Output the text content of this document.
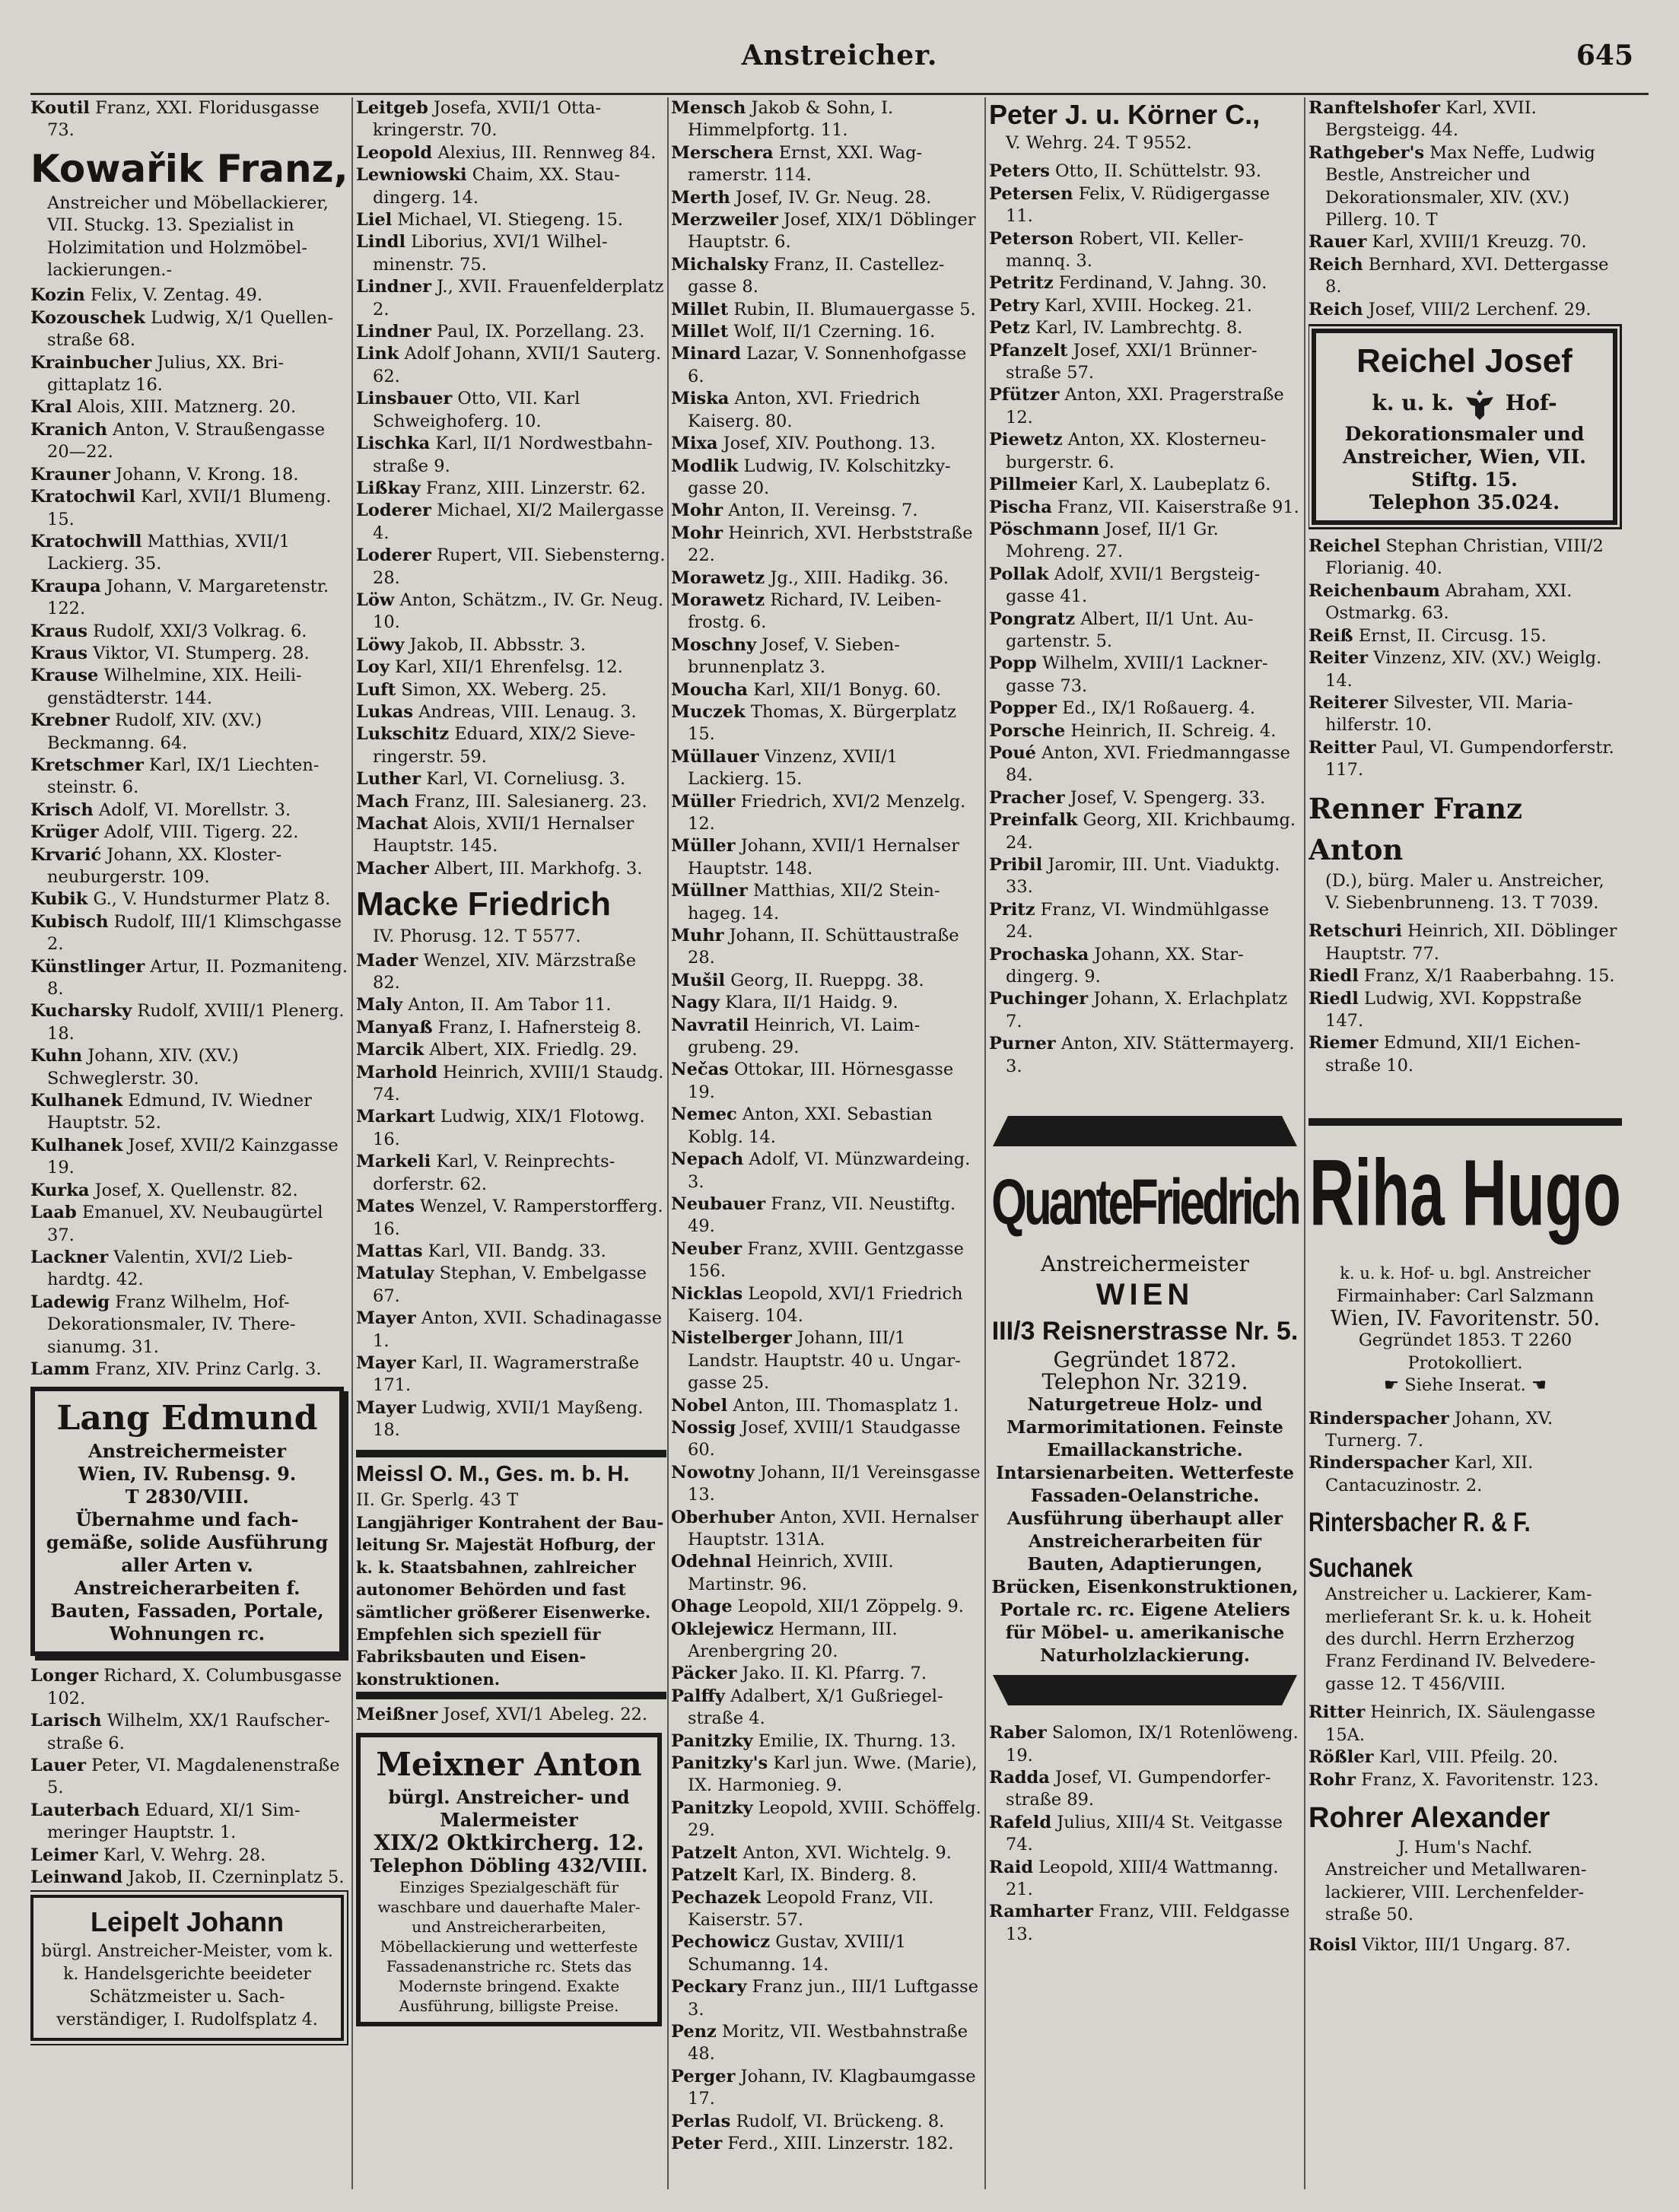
Anstreicher.	645

Koutil Franz, XXI. Floridusgasse 73.

Kowařik Franz,
Anstreicher und Möbellackierer, VII. Stuckg. 13. Spezialist in Holzimitation und Holzmöbellackierungen.-

Kozin Felix, V. Zentag. 49.

Kozouschek Ludwig, X/1 Quellenstraße 68.

Krainbucher Julius, XX. Brigittaplatz 16.

Kral Alois, XIII. Matznerg. 20.

Kranich Anton, V. Straußengasse 20—22.

Krauner Johann, V. Krong. 18.

Kratochwil Karl, XVII/1 Blumeng. 15.

Kratochwill Matthias, XVII/1 Lackierg. 35.

Kraupa Johann, V. Margaretenstr. 122.

Kraus Rudolf, XXI/3 Volkrag. 6.

Kraus Viktor, VI. Stumperg. 28.

Krause Wilhelmine, XIX. Heiligenstädterstr. 144.

Krebner Rudolf, XIV. (XV.) Beckmanng. 64.

Kretschmer Karl, IX/1 Liechtensteinstr. 6.

Krisch Adolf, VI. Morellstr. 3.

Krüger Adolf, VIII. Tigerg. 22.

Krvarić Johann, XX. Klosterneuburgerstr. 109.

Kubik G., V. Hundsturmer Platz 8.

Kubisch Rudolf, III/1 Klimschgasse 2.

Künstlinger Artur, II. Pozmaniteng. 8.

Kucharsky Rudolf, XVIII/1 Plenerg. 18.

Kuhn Johann, XIV. (XV.) Schweglerstr. 30.

Kulhanek Edmund, IV. Wiedner Hauptstr. 52.

Kulhanek Josef, XVII/2 Kainzgasse 19.

Kurka Josef, X. Quellenstr. 82.

Laab Emanuel, XV. Neubaugürtel 37.

Lackner Valentin, XVI/2 Liebhardtg. 42.

Ladewig Franz Wilhelm, Hof-Dekorationsmaler, IV. Theresianumg. 31.

Lamm Franz, XIV. Prinz Carlg. 3.

Lang Edmund
Anstreichermeister
Wien, IV. Rubensg. 9.
T 2830/VIII.
Übernahme und fachgemäße, solide Ausführung aller Arten v. Anstreicherarbeiten f. Bauten, Fassaden, Portale, Wohnungen rc.

Longer Richard, X. Columbusgasse 102.

Larisch Wilhelm, XX/1 Raufscherstraße 6.

Lauer Peter, VI. Magdalenenstraße 5.

Lauterbach Eduard, XI/1 Simmeringer Hauptstr. 1.

Leimer Karl, V. Wehrg. 28.

Leinwand Jakob, II. Czerninplatz 5.

Leipelt Johann
bürgl. Anstreicher-Meister, vom k. k. Handelsgerichte beeideter Schätzmeister u. Sachverständiger, I. Rudolfsplatz 4.

Leitgeb Josefa, XVII/1 Ottakringerstr. 70.

Leopold Alexius, III. Rennweg 84.

Lewniowski Chaim, XX. Staudingerg. 14.

Liel Michael, VI. Stiegeng. 15.

Lindl Liborius, XVI/1 Wilhelminenstr. 75.

Lindner J., XVII. Frauenfelderplatz 2.

Lindner Paul, IX. Porzellang. 23.

Link Adolf Johann, XVII/1 Sauterg. 62.

Linsbauer Otto, VII. Karl Schweighoferg. 10.

Lischka Karl, II/1 Nordwestbahnstraße 9.

Lißkay Franz, XIII. Linzerstr. 62.

Loderer Michael, XI/2 Mailergasse 4.

Loderer Rupert, VII. Siebensterng. 28.

Löw Anton, Schätzm., IV. Gr. Neug. 10.

Löwy Jakob, II. Abbsstr. 3.

Loy Karl, XII/1 Ehrenfelsg. 12.

Luft Simon, XX. Weberg. 25.

Lukas Andreas, VIII. Lenaug. 3.

Lukschitz Eduard, XIX/2 Sieveringerstr. 59.

Luther Karl, VI. Corneliusg. 3.

Mach Franz, III. Salesianerg. 23.

Machat Alois, XVII/1 Hernalser Hauptstr. 145.

Macher Albert, III. Markhofg. 3.

Macke Friedrich
IV. Phorusg. 12. T 5577.

Mader Wenzel, XIV. Märzstraße 82.

Maly Anton, II. Am Tabor 11.

Manyaß Franz, I. Hafnersteig 8.

Marcik Albert, XIX. Friedlg. 29.

Marhold Heinrich, XVIII/1 Staudg. 74.

Markart Ludwig, XIX/1 Flotowg. 16.

Markeli Karl, V. Reinprechtsdorferstr. 62.

Mates Wenzel, V. Ramperstorfferg. 16.

Mattas Karl, VII. Bandg. 33.

Matulay Stephan, V. Embelgasse 67.

Mayer Anton, XVII. Schadinagasse 1.

Mayer Karl, II. Wagramerstraße 171.

Mayer Ludwig, XVII/1 Mayßeng. 18.

Meissl O. M., Ges. m. b. H.
II. Gr. Sperlg. 43 T
Langjähriger Kontrahent der Bauleitung Sr. Majestät Hofburg, der k. k. Staatsbahnen, zahlreicher autonomer Behörden und fast sämtlicher größerer Eisenwerke. Empfehlen sich speziell für Fabriksbauten und Eisenkonstruktionen.

Meißner Josef, XVI/1 Abeleg. 22.

Meixner Anton
bürgl. Anstreicher- und Malermeister
XIX/2 Oktkircherg. 12.
Telephon Döbling 432/VIII.
Einziges Spezialgeschäft für waschbare und dauerhafte Maler- und Anstreicherarbeiten, Möbellackierung und wetterfeste Fassadenanstriche rc. Stets das Modernste bringend. Exakte Ausführung, billigste Preise.

Mensch Jakob & Sohn, I. Himmelpfortg. 11.

Merschera Ernst, XXI. Wagramerstr. 114.

Merth Josef, IV. Gr. Neug. 28.

Merzweiler Josef, XIX/1 Döblinger Hauptstr. 6.

Michalsky Franz, II. Castellezgasse 8.

Millet Rubin, II. Blumauergasse 5.

Millet Wolf, II/1 Czerning. 16.

Minard Lazar, V. Sonnenhofgasse 6.

Miska Anton, XVI. Friedrich Kaiserg. 80.

Mixa Josef, XIV. Pouthong. 13.

Modlik Ludwig, IV. Kolschitzkygasse 20.

Mohr Anton, II. Vereinsg. 7.

Mohr Heinrich, XVI. Herbststraße 22.

Morawetz Jg., XIII. Hadikg. 36.

Morawetz Richard, IV. Leibenfrostg. 6.

Moschny Josef, V. Siebenbrunnenplatz 3.

Moucha Karl, XII/1 Bonyg. 60.

Muczek Thomas, X. Bürgerplatz 15.

Müllauer Vinzenz, XVII/1 Lackierg. 15.

Müller Friedrich, XVI/2 Menzelg. 12.

Müller Johann, XVII/1 Hernalser Hauptstr. 148.

Müllner Matthias, XII/2 Steinhageg. 14.

Muhr Johann, II. Schüttaustraße 28.

Mušil Georg, II. Rueppg. 38.

Nagy Klara, II/1 Haidg. 9.

Navratil Heinrich, VI. Laimgrubeng. 29.

Nečas Ottokar, III. Hörnesgasse 19.

Nemec Anton, XXI. Sebastian Koblg. 14.

Nepach Adolf, VI. Münzwardeing. 3.

Neubauer Franz, VII. Neustiftg. 49.

Neuber Franz, XVIII. Gentzgasse 156.

Nicklas Leopold, XVI/1 Friedrich Kaiserg. 104.

Nistelberger Johann, III/1 Landstr. Hauptstr. 40 u. Ungargasse 25.

Nobel Anton, III. Thomasplatz 1.

Nossig Josef, XVIII/1 Staudgasse 60.

Nowotny Johann, II/1 Vereinsgasse 13.

Oberhuber Anton, XVII. Hernalser Hauptstr. 131A.

Odehnal Heinrich, XVIII. Martinstr. 96.

Ohage Leopold, XII/1 Zöppelg. 9.

Oklejewicz Hermann, III. Arenbergring 20.

Päcker Jako. II. Kl. Pfarrg. 7.

Palffy Adalbert, X/1 Gußriegelstraße 4.

Panitzky Emilie, IX. Thurng. 13.

Panitzky's Karl jun. Wwe. (Marie), IX. Harmonieg. 9.

Panitzky Leopold, XVIII. Schöffelg. 29.

Patzelt Anton, XVI. Wichtelg. 9.

Patzelt Karl, IX. Binderg. 8.

Pechazek Leopold Franz, VII. Kaiserstr. 57.

Pechowicz Gustav, XVIII/1 Schumanng. 14.

Peckary Franz jun., III/1 Luftgasse 3.

Penz Moritz, VII. Westbahnstraße 48.

Perger Johann, IV. Klagbaumgasse 17.

Perlas Rudolf, VI. Brückeng. 8.

Peter Ferd., XIII. Linzerstr. 182.

Peter J. u. Körner C.,
V. Wehrg. 24. T 9552.

Peters Otto, II. Schüttelstr. 93.

Petersen Felix, V. Rüdigergasse 11.

Peterson Robert, VII. Kellermannq. 3.

Petritz Ferdinand, V. Jahng. 30.

Petry Karl, XVIII. Hockeg. 21.

Petz Karl, IV. Lambrechtg. 8.

Pfanzelt Josef, XXI/1 Brünnerstraße 57.

Pfützer Anton, XXI. Pragerstraße 12.

Piewetz Anton, XX. Klosterneuburgerstr. 6.

Pillmeier Karl, X. Laubeplatz 6.

Pischa Franz, VII. Kaiserstraße 91.

Pöschmann Josef, II/1 Gr. Mohreng. 27.

Pollak Adolf, XVII/1 Bergsteiggasse 41.

Pongratz Albert, II/1 Unt. Augartenstr. 5.

Popp Wilhelm, XVIII/1 Lacknergasse 73.

Popper Ed., IX/1 Roßauerg. 4.

Porsche Heinrich, II. Schreig. 4.

Poué Anton, XVI. Friedmanngasse 84.

Pracher Josef, V. Spengerg. 33.

Preinfalk Georg, XII. Krichbaumg. 24.

Pribil Jaromir, III. Unt. Viaduktg. 33.

Pritz Franz, VI. Windmühlgasse 24.

Prochaska Johann, XX. Stardingerg. 9.

Puchinger Johann, X. Erlachplatz 7.

Purner Anton, XIV. Stättermayerg. 3.

QuanteFriedrich
Anstreichermeister
WIEN
III/3 Reisnerstrasse Nr. 5.
Gegründet 1872.
Telephon Nr. 3219.
Naturgetreue Holz- und Marmorimitationen. Feinste Emaillackanstriche. Intarsienarbeiten. Wetterfeste Fassaden-Oelanstriche. Ausführung überhaupt aller Anstreicherarbeiten für Bauten, Adaptierungen, Brücken, Eisenkonstruktionen, Portale rc. rc. Eigene Ateliers für Möbel- u. amerikanische Naturholzlackierung.

Raber Salomon, IX/1 Rotenlöweng. 19.

Radda Josef, VI. Gumpendorferstraße 89.

Rafeld Julius, XIII/4 St. Veitgasse 74.

Raid Leopold, XIII/4 Wattmanng. 21.

Ramharter Franz, VIII. Feldgasse 13.

Ranftelshofer Karl, XVII. Bergsteigg. 44.

Rathgeber's Max Neffe, Ludwig Bestle, Anstreicher und Dekorationsmaler, XIV. (XV.) Pillerg. 10. T

Rauer Karl, XVIII/1 Kreuzg. 70.

Reich Bernhard, XVI. Dettergasse 8.

Reich Josef, VIII/2 Lerchenf. 29.

Reichel Josef
k. u. k. Hof-
Dekorationsmaler und Anstreicher, Wien, VII. Stiftg. 15.
Telephon 35.024.

Reichel Stephan Christian, VIII/2 Florianig. 40.

Reichenbaum Abraham, XXI. Ostmarkg. 63.

Reiß Ernst, II. Circusg. 15.

Reiter Vinzenz, XIV. (XV.) Weiglg. 14.

Reiterer Silvester, VII. Mariahilferstr. 10.

Reitter Paul, VI. Gumpendorferstr. 117.

Renner Franz Anton
(D.), bürg. Maler u. Anstreicher, V. Siebenbrunneng. 13. T 7039.

Retschuri Heinrich, XII. Döblinger Hauptstr. 77.

Riedl Franz, X/1 Raaberbahng. 15.

Riedl Ludwig, XVI. Koppstraße 147.

Riemer Edmund, XII/1 Eichenstraße 10.

Riha Hugo
k. u. k. Hof- u. bgl. Anstreicher
Firmainhaber: Carl Salzmann
Wien, IV. Favoritenstr. 50.
Gegründet 1853. T 2260
Protokolliert.
☛ Siehe Inserat. ☚

Rinderspacher Johann, XV. Turnerg. 7.

Rinderspacher Karl, XII. Cantacuzinostr. 2.

Rintersbacher R. & F. Suchanek
Anstreicher u. Lackierer, Kammerlieferant Sr. k. u. k. Hoheit des durchl. Herrn Erzherzog Franz Ferdinand IV. Belvederegasse 12. T 456/VIII.

Ritter Heinrich, IX. Säulengasse 15A.

Rößler Karl, VIII. Pfeilg. 20.

Rohr Franz, X. Favoritenstr. 123.

Rohrer Alexander
J. Hum's Nachf.
Anstreicher und Metallwarenlackierer, VIII. Lerchenfelderstraße 50.

Roisl Viktor, III/1 Ungarg. 87.
